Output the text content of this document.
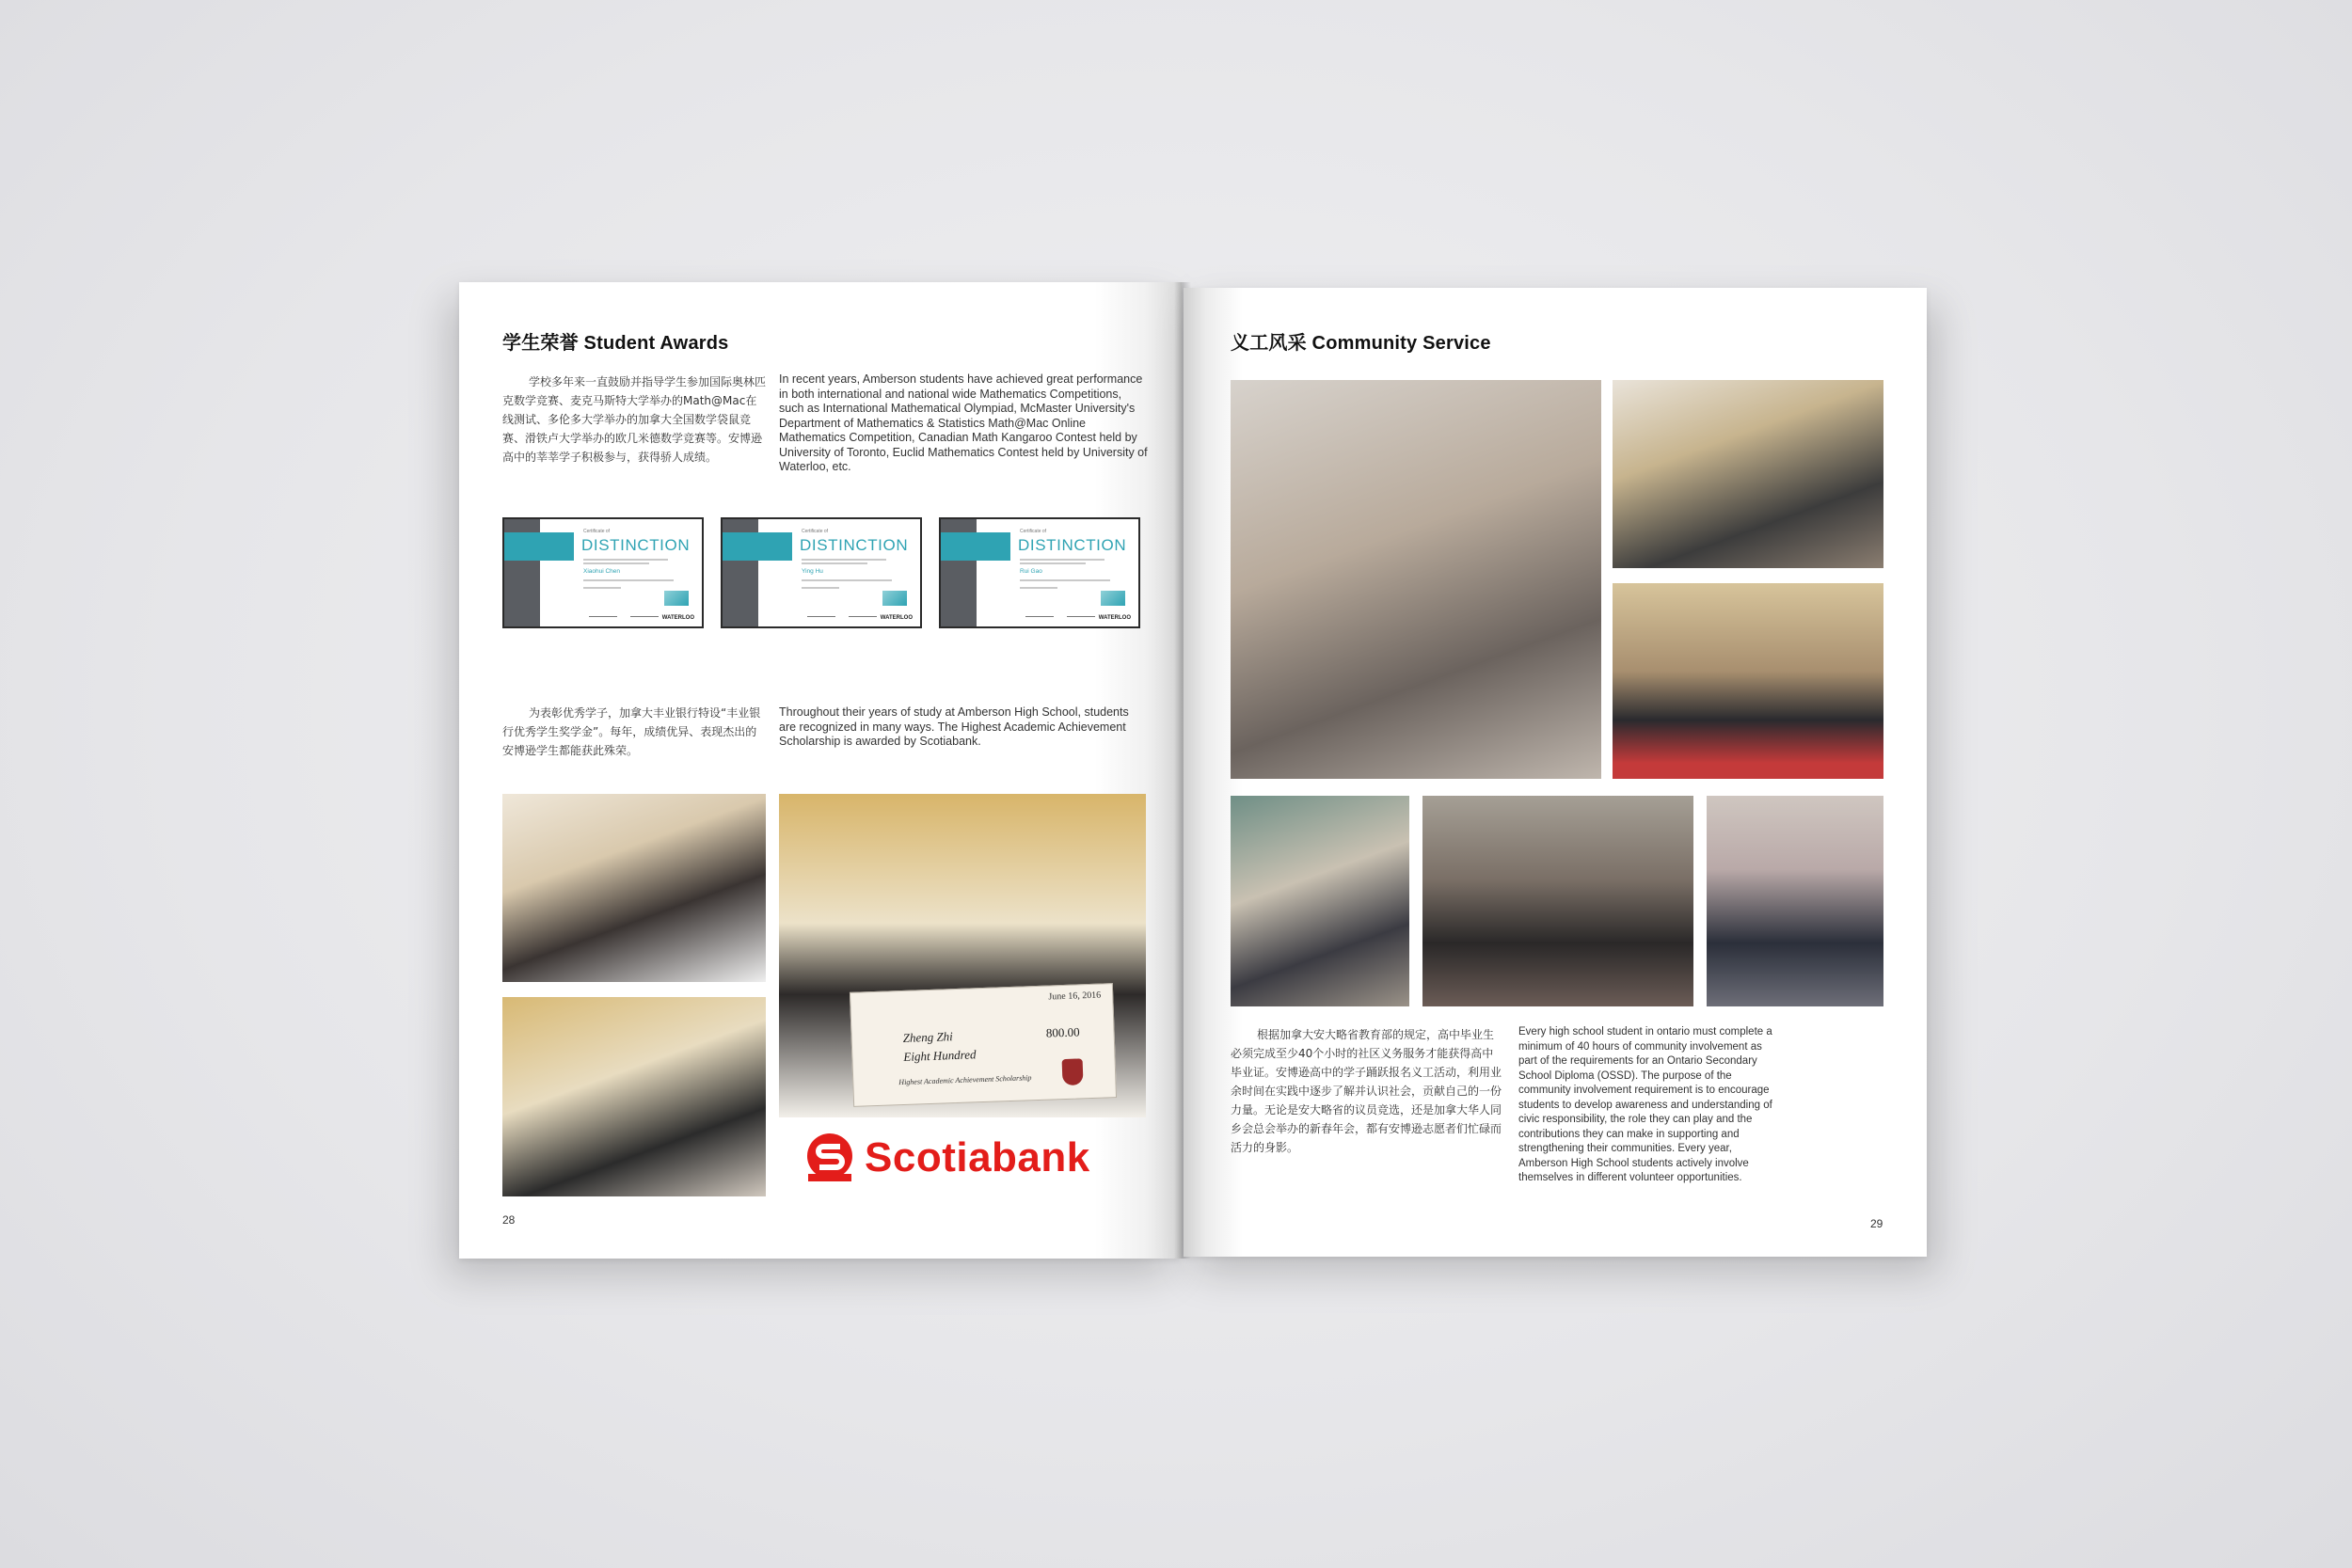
学生荣誉 Student Awards

学校多年来一直鼓励并指导学生参加国际奥林匹克数学竞赛、麦克马斯特大学举办的Math@Mac在线测试、多伦多大学举办的加拿大全国数学袋鼠竞赛、滑铁卢大学举办的欧几米德数学竞赛等。安博逊高中的莘莘学子积极参与，获得骄人成绩。

In recent years, Amberson students have achieved great performance in both international and national wide Mathematics Competitions, such as International Mathematical Olympiad, McMaster University's Department of Mathematics & Statistics Math@Mac Online Mathematics Competition, Canadian Math Kangaroo Contest held by University of Toronto, Euclid Mathematics Contest held by University of Waterloo, etc.

Certificate of
DISTINCTION
Xiaohui Chen
WATERLOO
Certificate of
DISTINCTION
Ying Hu
WATERLOO
Certificate of
DISTINCTION
Rui Gao
WATERLOO

为表彰优秀学子，加拿大丰业银行特设“丰业银行优秀学生奖学金”。每年，成绩优异、表现杰出的安博逊学生都能获此殊荣。

Throughout their years of study at Amberson High School, students are recognized in many ways. The Highest Academic Achievement Scholarship is awarded by Scotiabank.

28
June 16, 2016
Zheng Zhi	800.00
Eight Hundred
Highest Academic Achievement Scholarship
Scotiabank
义工风采 Community Service

根据加拿大安大略省教育部的规定，高中毕业生必须完成至少40个小时的社区义务服务才能获得高中毕业证。安博逊高中的学子踊跃报名义工活动，利用业余时间在实践中逐步了解并认识社会，贡献自己的一份力量。无论是安大略省的议员竞选，还是加拿大华人同乡会总会举办的新春年会，都有安博逊志愿者们忙碌而活力的身影。

Every high school student in ontario must complete a minimum of 40 hours of community involvement as part of the requirements for an Ontario Secondary School Diploma (OSSD). The purpose of the community involvement requirement is to encourage students to develop awareness and understanding of civic responsibility, the role they can play and the contributions they can make in supporting and strengthening their communities. Every year, Amberson High School students actively involve themselves in different volunteer opportunities.

29
